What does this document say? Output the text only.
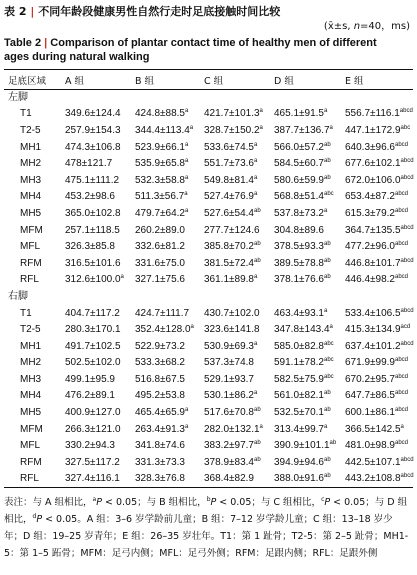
表 2 | 不同年龄段健康男性自然行走时足底接触时间比较
(x̄±s, n=40，ms)
Table 2 | Comparison of plantar contact time of healthy men of different
ages during natural walking
足底区域	A 组	B 组	C 组	D 组	E 组
左脚					
T1	349.6±124.4	424.8±88.5$^a$	421.7±101.3$^a$	465.1±91.5$^a$	$556.7\pm 116.1^{abcd}$
T2-5	257.9±154.3	344.4±113.4$^a$	328.7±150.2$^a$	387.7±136.7$^a$	447.1±172.9$^{abc}$
MH1	474.3±106.8	523.9±66.1$^a$	533.6±74.5$^a$	566.0±57.2$^{ab}$	$640.3\pm 96.6^{abcd}$
MH2	478±121.7	535.9±65.8$^a$	551.7±73.6$^a$	584.5±60.7$^{ab}$	$677.6\pm 102.1^{abcd}$
MH3	475.1±111.2	532.3±58.8$^a$	549.8±81.4$^a$	580.6±59.9$^{ab}$	$672.0\pm 106.0^{abcd}$
MH4	453.2±98.6	511.3±56.7$^a$	527.4±76.9$^a$	568.8±51.4$^{abc}$	$653.4\pm 87.2^{abcd}$
MH5	365.0±102.8	479.7±64.2$^a$	527.6±54.4$^{ab}$	537.8±73.2$^a$	$615.3\pm 79.2^{abcd}$
MFM	257.1±118.5	260.2±89.0	277.7±124.6	304.8±89.6	$364.7\pm 135.5^{abcd}$
MFL	326.3±85.8	332.6±81.2	385.8±70.2$^{ab}$	378.5±93.3$^{ab}$	$477.2\pm 96.0^{abcd}$
RFM	316.5±101.6	331.6±75.0	381.5±72.4$^{ab}$	389.5±78.8$^{ab}$	$446.8\pm 101.7^{abcd}$
RFL	312.6±100.0$^a$	327.1±75.6	361.1±89.8$^a$	378.1±76.6$^{ab}$	$446.4\pm 98.2^{abcd}$
右脚					
T1	404.7±117.2	424.7±111.7	430.7±102.0	463.4±93.1$^a$	$533.4\pm 106.5^{abcd}$
T2-5	280.3±170.1	352.4±128.0$^a$	323.6±141.8	347.8±143.4$^a$	415.3±134.9$^{acd}$
MH1	491.7±102.5	522.9±73.2	530.9±69.3$^a$	585.0±82.8$^{abc}$	$637.4\pm 101.2^{abcd}$
MH2	502.5±102.0	533.3±68.2	537.3±74.8	591.1±78.2$^{abc}$	$671.9\pm 99.9^{abcd}$
MH3	499.1±95.9	516.8±67.5	529.1±93.7	582.5±75.9$^{abc}$	$670.2\pm 95.7^{abcd}$
MH4	476.2±89.1	495.2±53.8	530.1±86.2$^a$	561.0±82.1$^{ab}$	$647.7\pm 86.5^{abcd}$
MH5	400.9±127.0	465.4±65.9$^a$	517.6±70.8$^{ab}$	532.5±70.1$^{ab}$	$600.1\pm 86.1^{abcd}$
MFM	266.3±121.0	263.4±91.3$^a$	282.0±132.1$^a$	313.4±99.7$^a$	366.5±142.5$^a$
MFL	330.2±94.3	341.8±74.6	383.2±97.7$^{ab}$	390.9±101.1$^{ab}$	$481.0\pm 98.9^{abcd}$
RFM	327.5±117.2	331.3±73.3	378.9±83.4$^{ab}$	394.9±94.6$^{ab}$	$442.5\pm 107.1^{abcd}$
RFL	327.4±116.1	328.3±76.8	368.4±82.9	388.0±91.6$^{ab}$	$443.2\pm 108.8^{abcd}$
表注：与 A 组相比，$^a$P < 0.05；与 B 组相比，$^b$P < 0.05；与 C 组相比，$^c$P < 0.05；与 D 组相比，$^d$P < 0.05。A 组：3–6 岁学龄前儿童；B 组：7–12 岁学龄儿童；C 组：13–18 岁少年；D 组：19–25 岁青年；E 组：26–35 岁壮年。T1：第 1 趾骨；T2-5：第 2–5 趾骨；MH1-5：第 1–5 跖骨；MFM：足弓内侧；MFL：足弓外侧；RFM：足跟内侧；RFL：足跟外侧
